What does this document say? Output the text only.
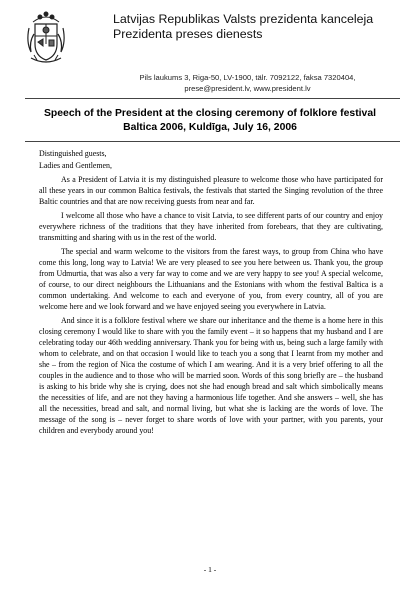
Latvijas Republikas Valsts prezidenta kanceleja
Prezidenta preses dienests
Pils laukums 3, Riga-50, LV-1900, tälr. 7092122, faksa 7320404,
prese@president.lv, www.president.lv
Speech of the President at the closing ceremony of folklore festival
Baltica 2006, Kuldīga, July 16, 2006

Distinguished guests,

Ladies and Gentlemen,

As a President of Latvia it is my distinguished pleasure to welcome those who have participated for all these years in our common Baltica festivals, the festivals that started the Singing revolution of the three Baltic countries and that are now receiving guests from near and far.

I welcome all those who have a chance to visit Latvia, to see different parts of our country and enjoy everywhere richness of the traditions that they have inherited from forebears, that they are cultivating, transmitting and sharing with us in the rest of the world.

The special and warm welcome to the visitors from the farest ways, to group from China who have come this long, long way to Latvia! We are very pleased to see you here between us. Thank you, the group from Udmurtia, that was also a very far way to come and we are very happy to see you! A special welcome, of course, to our direct neighbours the Lithuanians and the Estonians with whom the festival Baltica is a common undertaking. And welcome to each and everyone of you, from every country, all of you are welcome here and we look forward and we have enjoyed seeing you everywhere in Latvia.

And since it is a folklore festival where we share our inheritance and the theme is a home here in this closing ceremony I would like to share with you the family event – it so happens that my husband and I are celebrating today our 46th wedding anniversary. Thank you for being with us, being such a large family with whom to celebrate, and on that occasion I would like to teach you a song that I learnt from my mother and she – from the region of Nica the costume of which I am wearing. And it is a very brief offering to all the couples in the audience and to those who will be married soon. Words of this song briefly are – the husband is asking to his bride why she is crying, does not she had enough bread and salt which simbolically means the necessities of life, and are not they having a harmonious life together. And she answers – well, she has all the necessities, bread and salt, and normal living, but what she is lacking are the words of love. The message of the song is – never forget to share words of love with your partner, with you parents, your children and everybody around you!

- 1 -
